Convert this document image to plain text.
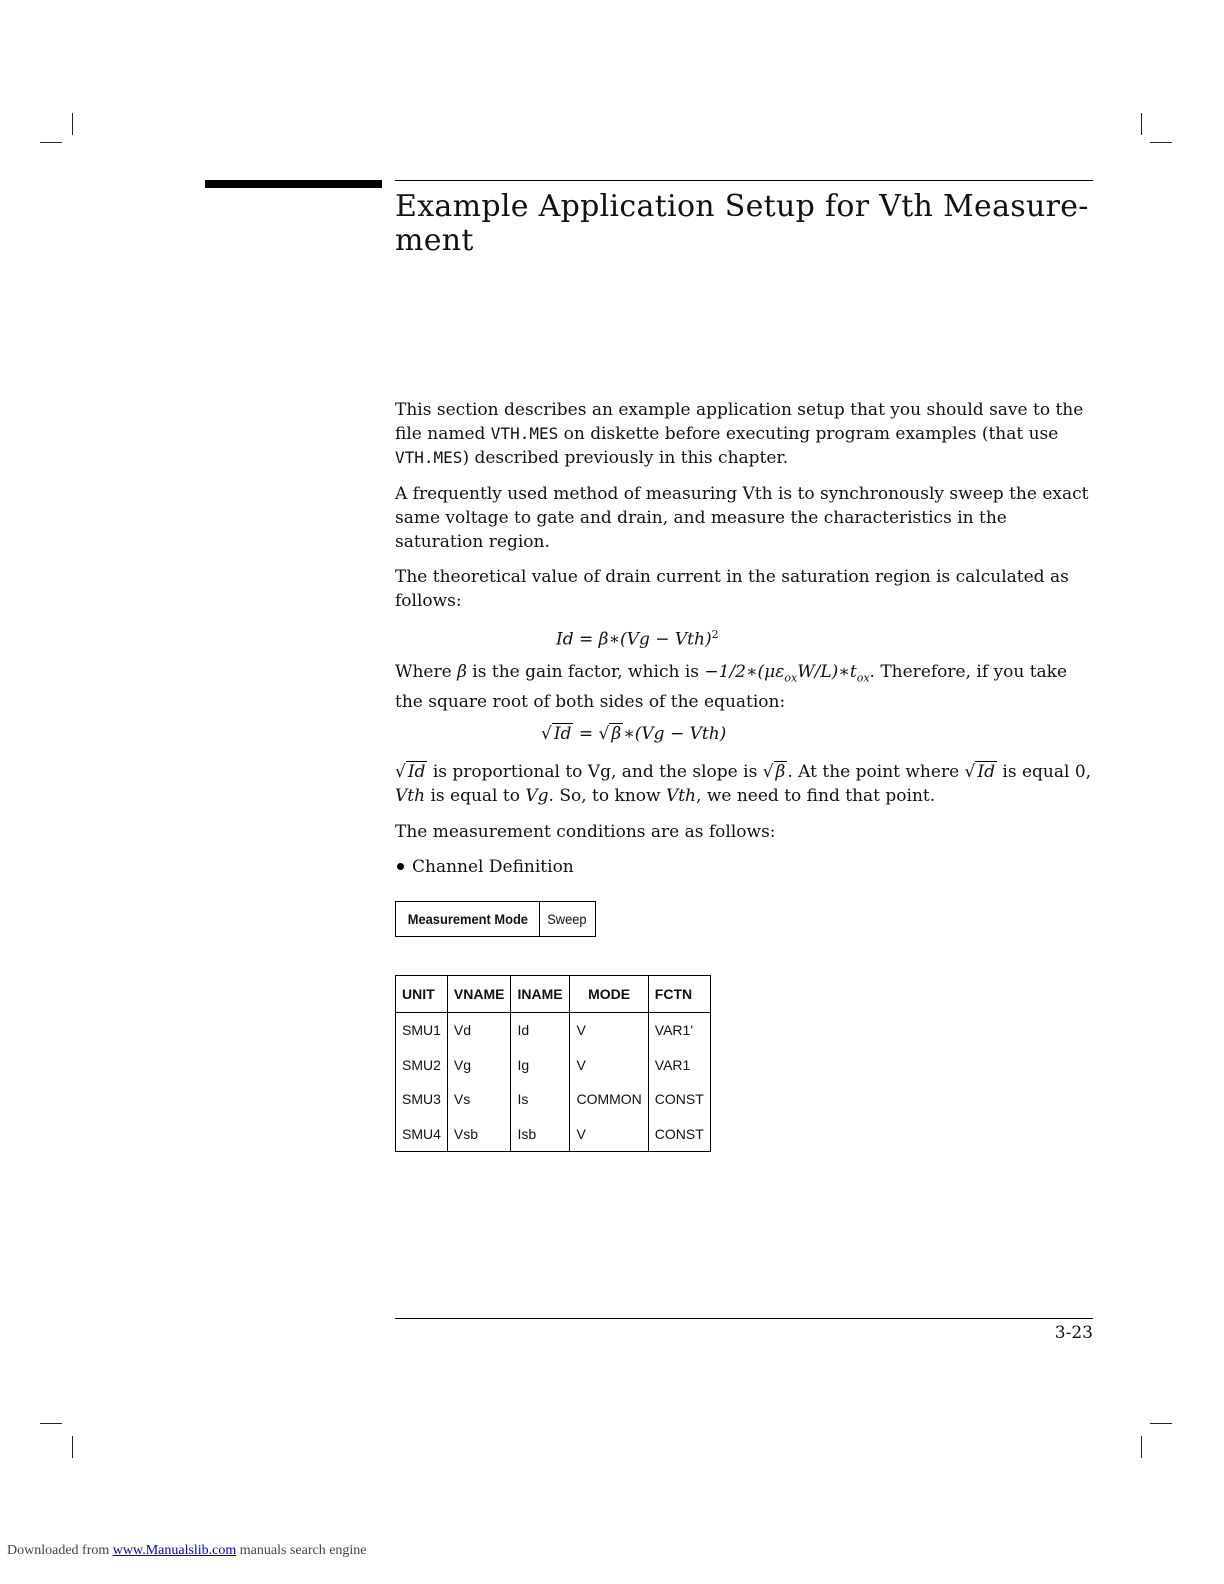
Example Application Setup for Vth Measure-ment

This section describes an example application setup that you should save to the file named VTH.MES on diskette before executing program examples (that use VTH.MES) described previously in this chapter.

A frequently used method of measuring Vth is to synchronously sweep the exact same voltage to gate and drain, and measure the characteristics in the saturation region.

The theoretical value of drain current in the saturation region is calculated as follows:

Id = β∗(Vg − Vth)$^2$

Where β is the gain factor, which is $-1/2∗(\mu\varepsilon_{ox}W/L)∗t_{ox}$. Therefore, if you take the square root of both sides of the equation:

√ Id = √ β ∗(Vg − Vth)

√ Id is proportional to Vg, and the slope is √ β . At the point where √ Id is equal 0, Vth is equal to Vg. So, to know Vth, we need to find that point.

The measurement conditions are as follows:

Channel Definition
Measurement Mode	Sweep
UNIT	VNAME	INAME	MODE	FCTN
SMU1	Vd	Id	V	VAR1'
SMU2	Vg	Ig	V	VAR1
SMU3	Vs	Is	COMMON	CONST
SMU4	Vsb	Isb	V	CONST
3-23
Downloaded from www.Manualslib.com manuals search engine
